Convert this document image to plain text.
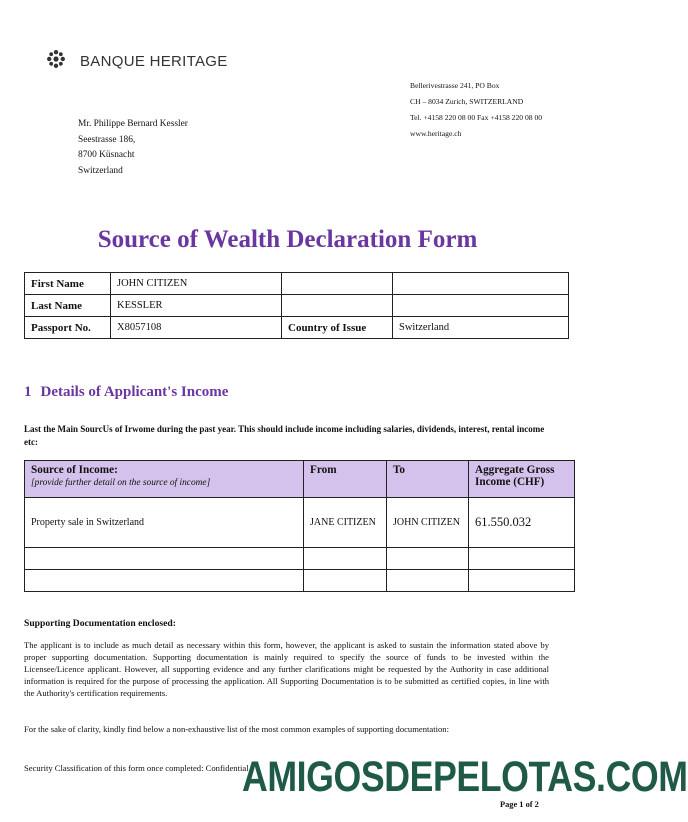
BANQUE HERITAGE
Bellerivestrasse 241, PO Box
CH – 8034 Zurich, SWITZERLAND
Tel. +4158 220 08 00 Fax +4158 220 08 00
www.heritage.ch
Mr. Philippe Bernard Kessler
Seestrasse 186,
8700 Küsnacht
Switzerland
Source of Wealth Declaration Form
First Name	JOHN CITIZEN		
Last Name	KESSLER		
Passport No.	X8057108	Country of Issue	Switzerland
1 Details of Applicant's Income
Last the Main SourcUs of Irwome during the past year. This should include income including salaries, dividends, interest, rental income etc:
Source of Income:
[provide further detail on the source of income]	From	To	Aggregate Gross Income (CHF)
Property sale in Switzerland	JANE CITIZEN	JOHN CITIZEN	61.550.032

Supporting Documentation enclosed:
The applicant is to include as much detail as necessary within this form, however, the applicant is asked to sustain the information stated above by proper supporting documentation. Supporting documentation is mainly required to specify the source of funds to be invested within the Licensee/Licence applicant. However, all supporting evidence and any further clarifications might be requested by the Authority in case additional information is required for the purpose of processing the application. All Supporting Documentation is to be submitted as certified copies, in line with the Authority's certification requirements.
For the sake of clarity, kindly find below a non-exhaustive list of the most common examples of supporting documentation:
Security Classification of this form once completed: Confidential
AMIGOSDEPELOTAS.COM
Page 1 of 2
